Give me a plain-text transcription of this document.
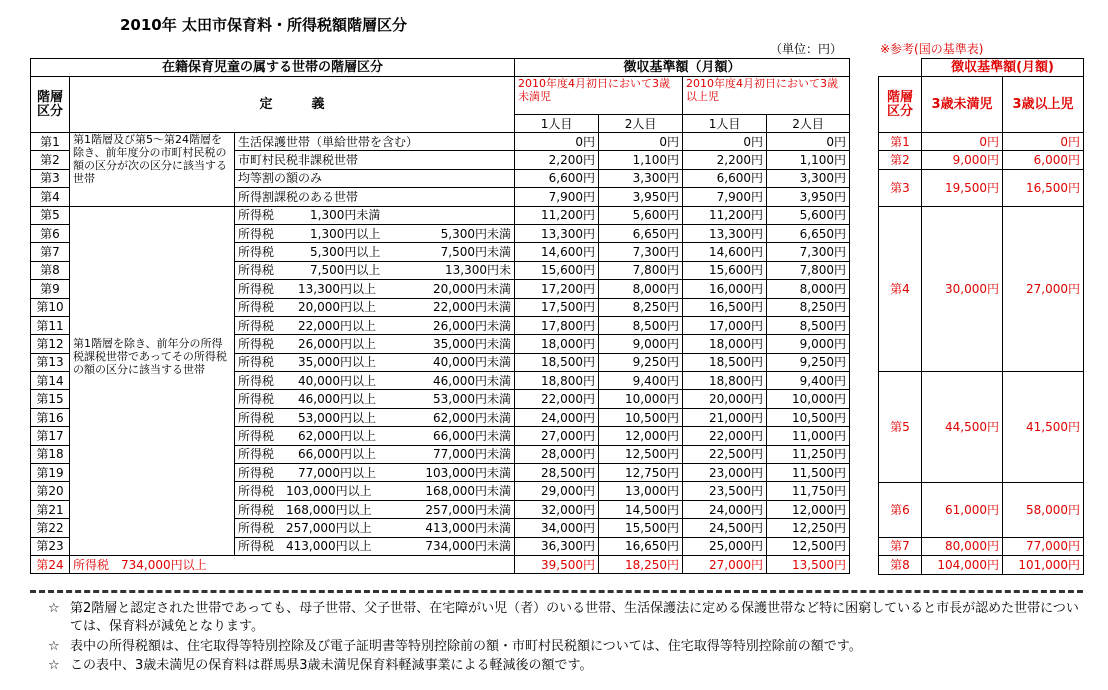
2010年 太田市保育料・所得税額階層区分
（単位：円）	※参考(国の基準表)
在籍保育児童の属する世帯の階層区分			徴収基準額（月額）			
階層区分	定　　　義		2010年度4月初日において3歳未満児		2010年度4月初日において3歳以上児	
			1人目	2人目	1人目	2人目
第1	第1階層及び第5～第24階層を除き、前年度分の市町村民税の額の区分が次の区分に該当する世帯	生活保護世帯（単給世帯を含む）	0円	0円	0円	0円
第2		市町村民税非課税世帯	2,200円	1,100円	2,200円	1,100円
第3		均等割の額のみ	6,600円	3,300円	6,600円	3,300円
第4		所得割課税のある世帯	7,900円	3,950円	7,900円	3,950円
第5	第1階層を除き、前年分の所得税課税世帯であってその所得税の額の区分に該当する世帯	所得税　　　1,300円未満	11,200円	5,600円	11,200円	5,600円
第6		所得税　　　1,300円以上 5,300円未満	13,300円	6,650円	13,300円	6,650円
第7		所得税　　　5,300円以上 7,500円未満	14,600円	7,300円	14,600円	7,300円
第8		所得税　　　7,500円以上 13,300円未	15,600円	7,800円	15,600円	7,800円
第9		所得税　　13,300円以上 20,000円未満	17,200円	8,000円	16,000円	8,000円
第10		所得税　　20,000円以上 22,000円未満	17,500円	8,250円	16,500円	8,250円
第11		所得税　　22,000円以上 26,000円未満	17,800円	8,500円	17,000円	8,500円
第12		所得税　　26,000円以上 35,000円未満	18,000円	9,000円	18,000円	9,000円
第13		所得税　　35,000円以上 40,000円未満	18,500円	9,250円	18,500円	9,250円
第14		所得税　　40,000円以上 46,000円未満	18,800円	9,400円	18,800円	9,400円
第15		所得税　　46,000円以上 53,000円未満	22,000円	10,000円	20,000円	10,000円
第16		所得税　　53,000円以上 62,000円未満	24,000円	10,500円	21,000円	10,500円
第17		所得税　　62,000円以上 66,000円未満	27,000円	12,000円	22,000円	11,000円
第18		所得税　　66,000円以上 77,000円未満	28,000円	12,500円	22,500円	11,250円
第19		所得税　　77,000円以上 103,000円未満	28,500円	12,750円	23,000円	11,500円
第20		所得税　103,000円以上 168,000円未満	29,000円	13,000円	23,500円	11,750円
第21		所得税　168,000円以上 257,000円未満	32,000円	14,500円	24,000円	12,000円
第22		所得税　257,000円以上 413,000円未満	34,000円	15,500円	24,500円	12,250円
第23		所得税　413,000円以上 734,000円未満	36,300円	16,650円	25,000円	12,500円
第24	所得税　734,000円以上		39,500円	18,250円	27,000円	13,500円
	徴収基準額(月額)	
階層区分	3歳未満児	3歳以上児
第1	0円	0円
第2	9,000円	6,000円
第3	19,500円	16,500円
第4	30,000円	27,000円
第5	44,500円	41,500円
第6	61,000円	58,000円
第7	80,000円	77,000円
第8	104,000円	101,000円
☆ 第2階層と認定された世帯であっても、母子世帯、父子世帯、在宅障がい児（者）のいる世帯、生活保護法に定める保護世帯など特に困窮していると市長が認めた世帯については、保育料が減免となります。
☆ 表中の所得税額は、住宅取得等特別控除及び電子証明書等特別控除前の額・市町村民税額については、住宅取得等特別控除前の額です。
☆ この表中、3歳未満児の保育料は群馬県3歳未満児保育料軽減事業による軽減後の額です。
